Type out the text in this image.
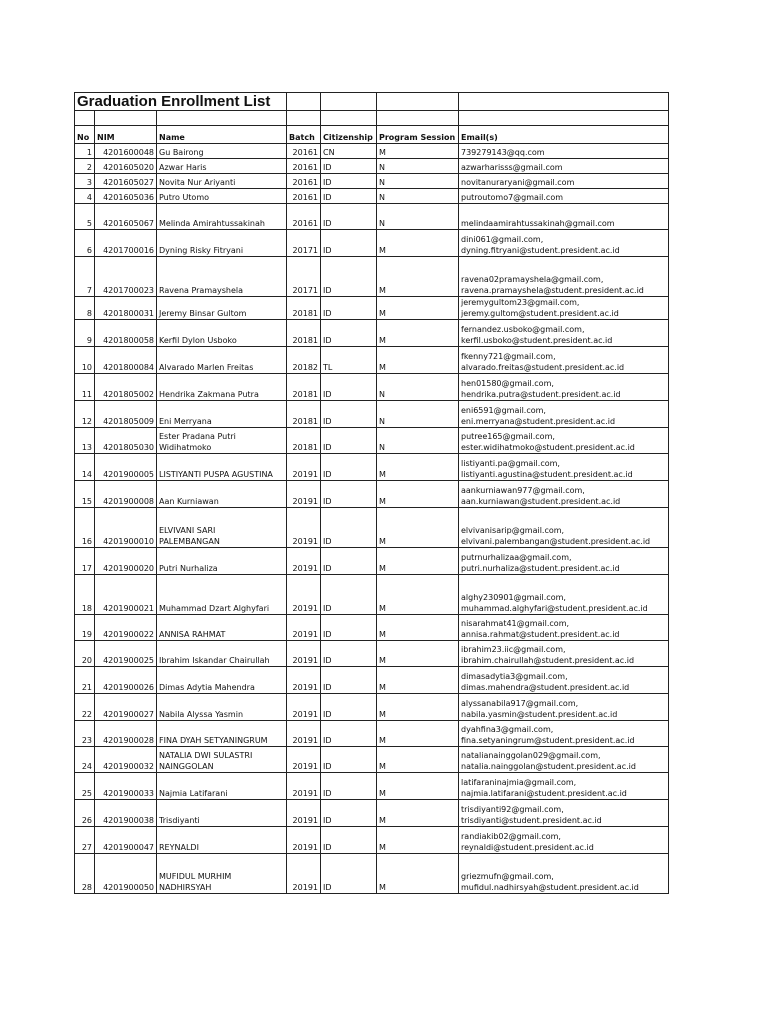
Graduation Enrollment List						

No	NIM	Name	Batch	Citizenship	Program Session	Email(s)
1	4201600048	Gu Bairong	20161	CN	M	739279143@qq.com
2	4201605020	Azwar Haris	20161	ID	N	azwarharisss@gmail.com
3	4201605027	Novita Nur Ariyanti	20161	ID	N	novitanuraryani@gmail.com
4	4201605036	Putro Utomo	20161	ID	N	putroutomo7@gmail.com
5	4201605067	Melinda Amirahtussakinah	20161	ID	N	melindaamirahtussakinah@gmail.com
6	4201700016	Dyning Risky Fitryani	20171	ID	M	dini061@gmail.com,
dyning.fitryani@student.president.ac.id
7	4201700023	Ravena Pramayshela	20171	ID	M	ravena02pramayshela@gmail.com,
ravena.pramayshela@student.president.ac.id
8	4201800031	Jeremy Binsar Gultom	20181	ID	M	jeremygultom23@gmail.com,
jeremy.gultom@student.president.ac.id
9	4201800058	Kerfil Dylon Usboko	20181	ID	M	fernandez.usboko@gmail.com,
kerfil.usboko@student.president.ac.id
10	4201800084	Alvarado Marlen Freitas	20182	TL	M	fkenny721@gmail.com,
alvarado.freitas@student.president.ac.id
11	4201805002	Hendrika Zakmana Putra	20181	ID	N	hen01580@gmail.com,
hendrika.putra@student.president.ac.id
12	4201805009	Eni Merryana	20181	ID	N	eni6591@gmail.com,
eni.merryana@student.president.ac.id
13	4201805030	Ester Pradana Putri
Widihatmoko	20181	ID	N	putree165@gmail.com,
ester.widihatmoko@student.president.ac.id
14	4201900005	LISTIYANTI PUSPA AGUSTINA	20191	ID	M	listiyanti.pa@gmail.com,
listiyanti.agustina@student.president.ac.id
15	4201900008	Aan Kurniawan	20191	ID	M	aankurniawan977@gmail.com,
aan.kurniawan@student.president.ac.id
16	4201900010	ELVIVANI SARI
PALEMBANGAN	20191	ID	M	elvivanisarip@gmail.com,
elvivani.palembangan@student.president.ac.id
17	4201900020	Putri Nurhaliza	20191	ID	M	putrnurhalizaa@gmail.com,
putri.nurhaliza@student.president.ac.id
18	4201900021	Muhammad Dzart Alghyfari	20191	ID	M	alghy230901@gmail.com,
muhammad.alghyfari@student.president.ac.id
19	4201900022	ANNISA RAHMAT	20191	ID	M	nisarahmat41@gmail.com,
annisa.rahmat@student.president.ac.id
20	4201900025	Ibrahim Iskandar Chairullah	20191	ID	M	ibrahim23.iic@gmail.com,
ibrahim.chairullah@student.president.ac.id
21	4201900026	Dimas Adytia Mahendra	20191	ID	M	dimasadytia3@gmail.com,
dimas.mahendra@student.president.ac.id
22	4201900027	Nabila Alyssa Yasmin	20191	ID	M	alyssanabila917@gmail.com,
nabila.yasmin@student.president.ac.id
23	4201900028	FINA DYAH SETYANINGRUM	20191	ID	M	dyahfina3@gmail.com,
fina.setyaningrum@student.president.ac.id
24	4201900032	NATALIA DWI SULASTRI
NAINGGOLAN	20191	ID	M	natalianainggolan029@gmail.com,
natalia.nainggolan@student.president.ac.id
25	4201900033	Najmia Latifarani	20191	ID	M	latifaraninajmia@gmail.com,
najmia.latifarani@student.president.ac.id
26	4201900038	Trisdiyanti	20191	ID	M	trisdiyanti92@gmail.com,
trisdiyanti@student.president.ac.id
27	4201900047	REYNALDI	20191	ID	M	randiakib02@gmail.com,
reynaldi@student.president.ac.id
28	4201900050	MUFIDUL MURHIM
NADHIRSYAH	20191	ID	M	griezmufn@gmail.com,
mufidul.nadhirsyah@student.president.ac.id
